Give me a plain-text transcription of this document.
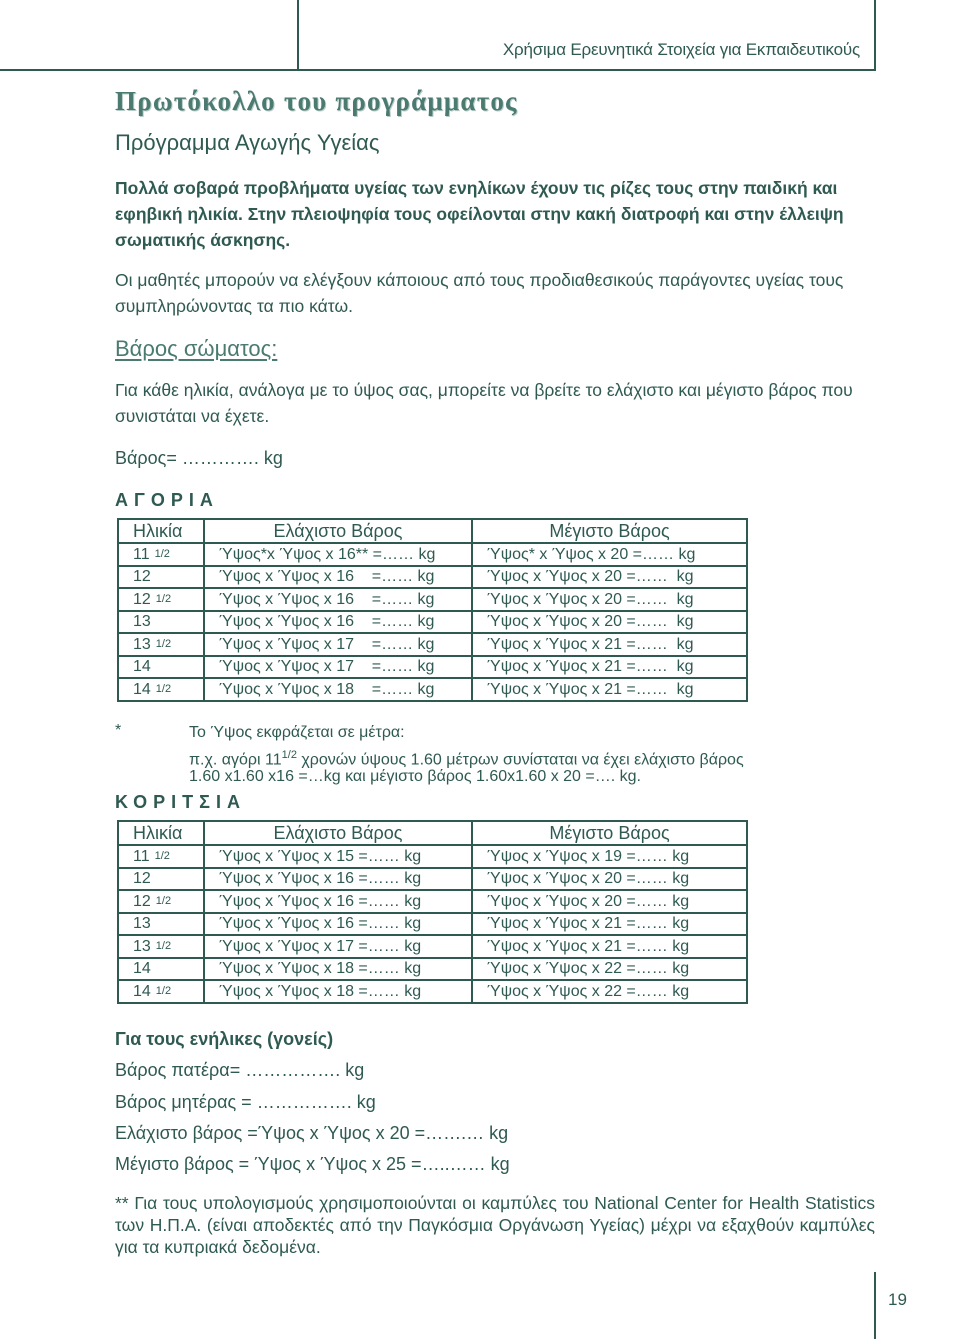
Χρήσιμα Ερευνητικά Στοιχεία για Εκπαιδευτικούς
Πρωτόκολλο του προγράμματος
Πρόγραμμα Αγωγής Υγείας
Πολλά σοβαρά προβλήματα υγείας των ενηλίκων έχουν τις ρίζες τους στην παιδική και εφηβική ηλικία. Στην πλειοψηφία τους οφείλονται στην κακή διατροφή και στην έλλειψη σωματικής άσκησης.
Οι μαθητές μπορούν να ελέγξουν κάποιους από τους προδιαθεσικούς παράγοντες υγείας τους συμπληρώνοντας τα πιο κάτω.
Βάρος σώματος:
Για κάθε ηλικία, ανάλογα με το ύψος σας, μπορείτε να βρείτε το ελάχιστο και μέγιστο βάρος που συνιστάται να έχετε.
Βάρος= …………. kg
ΑΓΟΡΙΑ
Ηλικία	Ελάχιστο Βάρος	Μέγιστο Βάρος
11 1/2	Ύψος*x Ύψος x 16** =…… kg	Ύψος* x Ύψος x 20 =…… kg
12	Ύψος x Ύψος x 16    =…… kg	Ύψος x Ύψος x 20 =……  kg
12 1/2	Ύψος x Ύψος x 16    =…… kg	Ύψος x Ύψος x 20 =……  kg
13	Ύψος x Ύψος x 16    =…… kg	Ύψος x Ύψος x 20 =……  kg
13 1/2	Ύψος x Ύψος x 17    =…… kg	Ύψος x Ύψος x 21 =……  kg
14	Ύψος x Ύψος x 17    =…… kg	Ύψος x Ύψος x 21 =……  kg
14 1/2	Ύψος x Ύψος x 18    =…… kg	Ύψος x Ύψος x 21 =……  kg
*	Το Ύψος εκφράζεται σε μέτρα:
π.χ. αγόρι $11^{1/2}$ χρονών ύψους 1.60 μέτρων συνίσταται να έχει ελάχιστο βάρος
1.60 x1.60 x16 =…kg και μέγιστο βάρος 1.60x1.60 x 20 =…. kg.
ΚΟΡΙΤΣΙΑ
Ηλικία	Ελάχιστο Βάρος	Μέγιστο Βάρος
11 1/2	Ύψος x Ύψος x 15 =…… kg	Ύψος x Ύψος x 19 =…… kg
12	Ύψος x Ύψος x 16 =…… kg	Ύψος x Ύψος x 20 =…… kg
12 1/2	Ύψος x Ύψος x 16 =…… kg	Ύψος x Ύψος x 20 =…… kg
13	Ύψος x Ύψος x 16 =…… kg	Ύψος x Ύψος x 21 =…… kg
13 1/2	Ύψος x Ύψος x 17 =…… kg	Ύψος x Ύψος x 21 =…… kg
14	Ύψος x Ύψος x 18 =…… kg	Ύψος x Ύψος x 22 =…… kg
14 1/2	Ύψος x Ύψος x 18 =…… kg	Ύψος x Ύψος x 22 =…… kg
Για τους ενήλικες (γονείς)
Βάρος πατέρα= ……………. kg
Βάρος μητέρας = ……………. kg
Ελάχιστο βάρος =Ύψος x Ύψος x 20 =…….… kg
Μέγιστο βάρος = Ύψος x Ύψος x 25 =…..…… kg
** Για τους υπολογισμούς χρησιμοποιούνται οι καμπύλες του National Center for Health Statistics των Η.Π.Α. (είναι αποδεκτές από την Παγκόσμια Οργάνωση Υγείας) μέχρι να εξαχθούν καμπύλες για τα κυπριακά δεδομένα.
19
